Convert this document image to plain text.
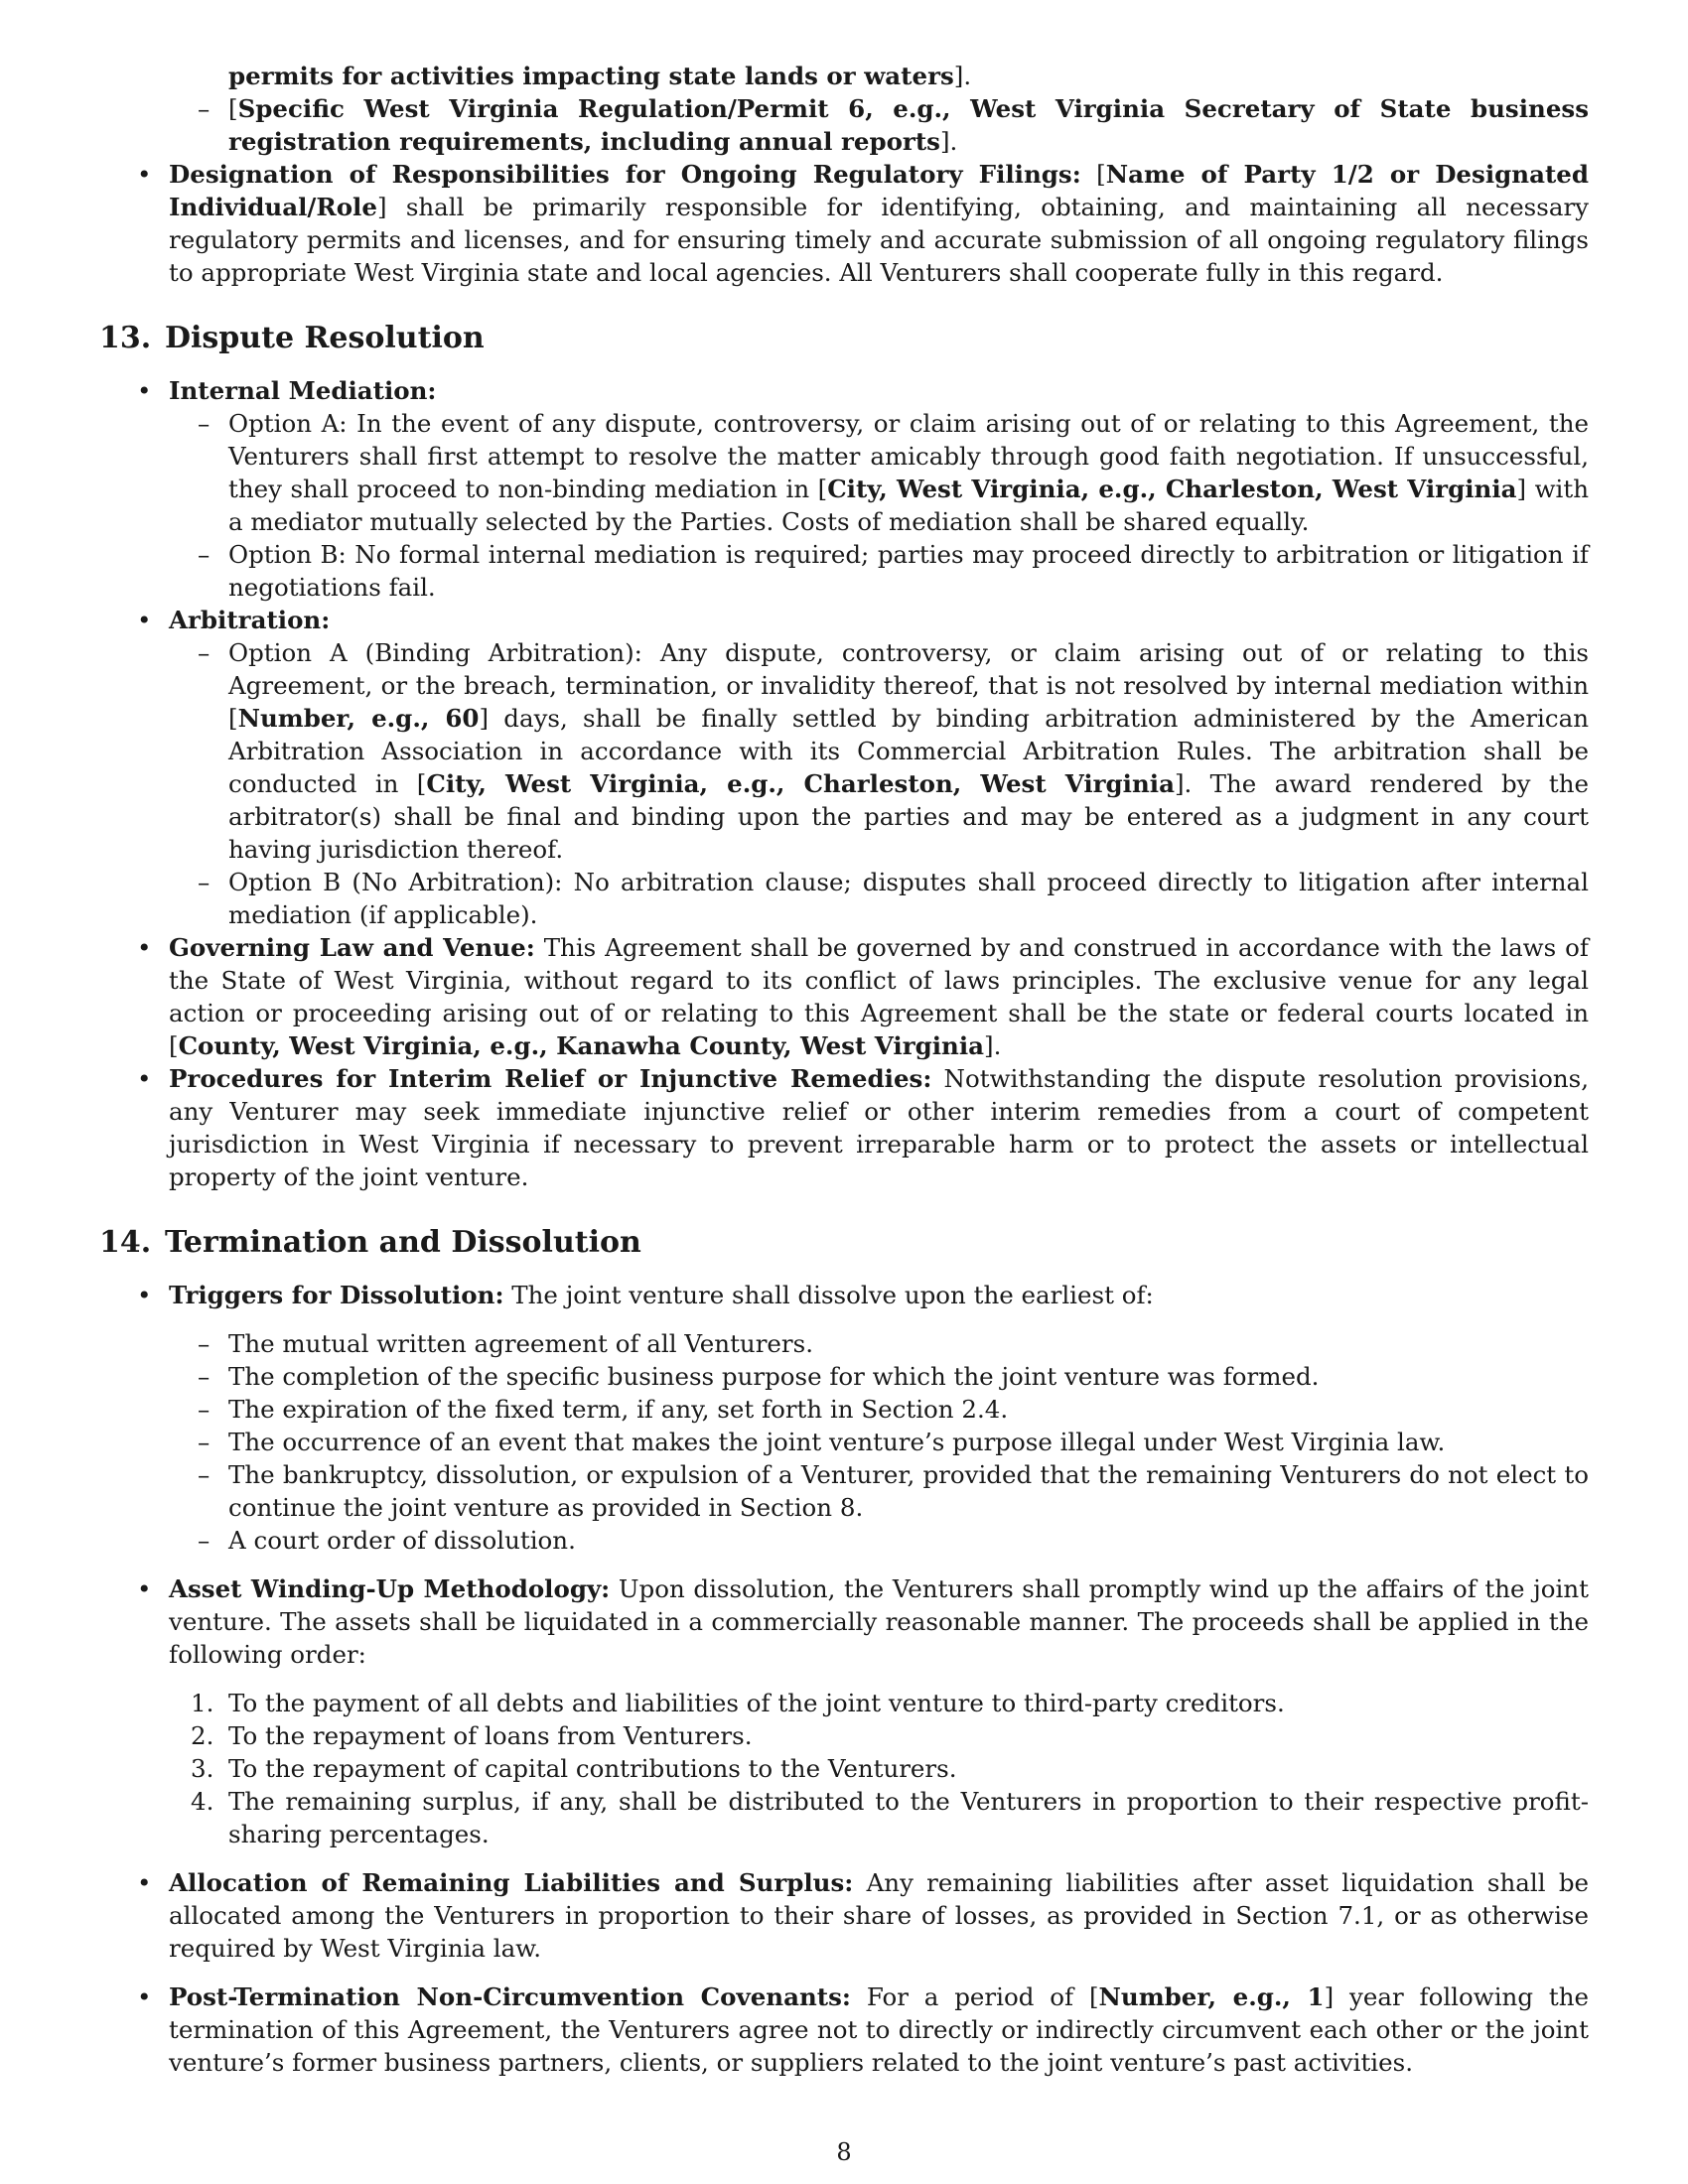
permits for activities impacting state lands or waters].
– [Specific West Virginia Regulation/Permit 6, e.g., West Virginia Secretary of State business registration requirements, including annual reports].
• Designation of Responsibilities for Ongoing Regulatory Filings: [Name of Party 1/2 or Designated Individual/Role] shall be primarily responsible for identifying, obtaining, and maintaining all necessary regulatory permits and licenses, and for ensuring timely and accurate submission of all ongoing regulatory filings to appropriate West Virginia state and local agencies. All Venturers shall cooperate fully in this regard.
13. Dispute Resolution
• Internal Mediation:
– Option A: In the event of any dispute, controversy, or claim arising out of or relating to this Agreement, the Venturers shall first attempt to resolve the matter amicably through good faith negotiation. If unsuccessful, they shall proceed to non-binding mediation in [City, West Virginia, e.g., Charleston, West Virginia] with a mediator mutually selected by the Parties. Costs of mediation shall be shared equally.
– Option B: No formal internal mediation is required; parties may proceed directly to arbitration or litigation if negotiations fail.
• Arbitration:
– Option A (Binding Arbitration): Any dispute, controversy, or claim arising out of or relating to this Agreement, or the breach, termination, or invalidity thereof, that is not resolved by internal mediation within [Number, e.g., 60] days, shall be finally settled by binding arbitration administered by the American Arbitration Association in accordance with its Commercial Arbitration Rules. The arbitration shall be conducted in [City, West Virginia, e.g., Charleston, West Virginia]. The award rendered by the arbitrator(s) shall be final and binding upon the parties and may be entered as a judgment in any court having jurisdiction thereof.
– Option B (No Arbitration): No arbitration clause; disputes shall proceed directly to litigation after internal mediation (if applicable).
• Governing Law and Venue: This Agreement shall be governed by and construed in accordance with the laws of the State of West Virginia, without regard to its conflict of laws principles. The exclusive venue for any legal action or proceeding arising out of or relating to this Agreement shall be the state or federal courts located in [County, West Virginia, e.g., Kanawha County, West Virginia].
• Procedures for Interim Relief or Injunctive Remedies: Notwithstanding the dispute resolution provisions, any Venturer may seek immediate injunctive relief or other interim remedies from a court of competent jurisdiction in West Virginia if necessary to prevent irreparable harm or to protect the assets or intellectual property of the joint venture.
14. Termination and Dissolution
• Triggers for Dissolution: The joint venture shall dissolve upon the earliest of:
– The mutual written agreement of all Venturers.
– The completion of the specific business purpose for which the joint venture was formed.
– The expiration of the fixed term, if any, set forth in Section 2.4.
– The occurrence of an event that makes the joint venture’s purpose illegal under West Virginia law.
– The bankruptcy, dissolution, or expulsion of a Venturer, provided that the remaining Venturers do not elect to continue the joint venture as provided in Section 8.
– A court order of dissolution.
• Asset Winding-Up Methodology: Upon dissolution, the Venturers shall promptly wind up the affairs of the joint venture. The assets shall be liquidated in a commercially reasonable manner. The proceeds shall be applied in the following order:
1. To the payment of all debts and liabilities of the joint venture to third-party creditors.
2. To the repayment of loans from Venturers.
3. To the repayment of capital contributions to the Venturers.
4. The remaining surplus, if any, shall be distributed to the Venturers in proportion to their respective profit-sharing percentages.
• Allocation of Remaining Liabilities and Surplus: Any remaining liabilities after asset liquidation shall be allocated among the Venturers in proportion to their share of losses, as provided in Section 7.1, or as otherwise required by West Virginia law.
• Post-Termination Non-Circumvention Covenants: For a period of [Number, e.g., 1] year following the termination of this Agreement, the Venturers agree not to directly or indirectly circumvent each other or the joint venture’s former business partners, clients, or suppliers related to the joint venture’s past activities.
8
